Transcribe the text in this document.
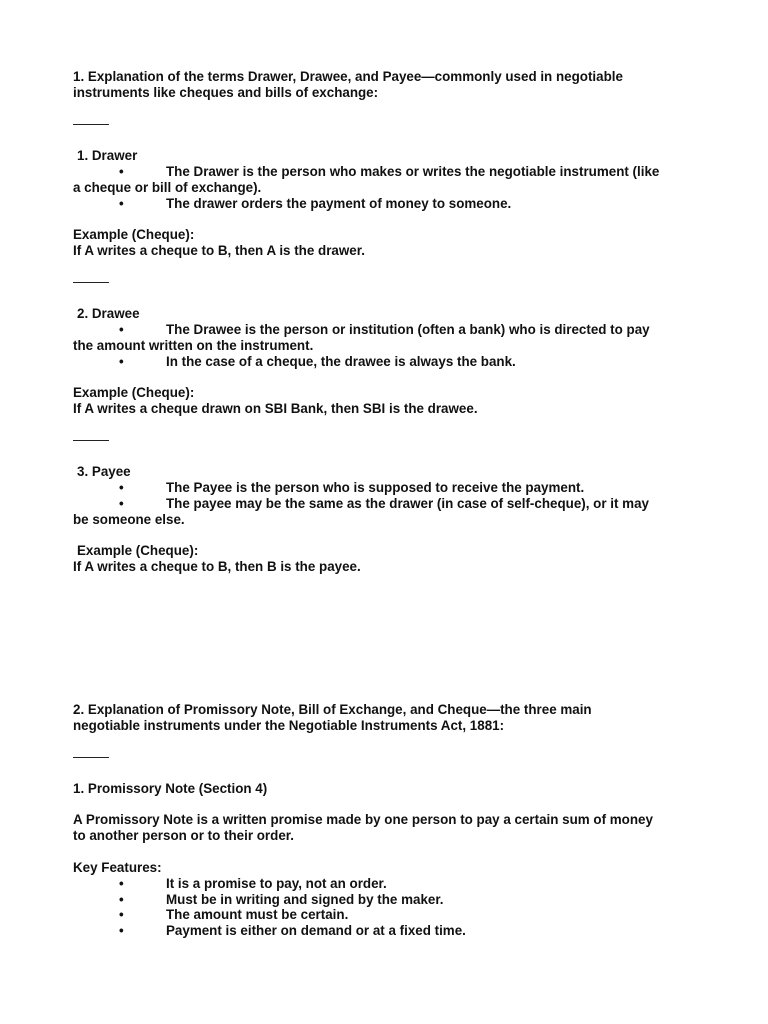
1. Explanation of the terms Drawer, Drawee, and Payee—commonly used in negotiable
instruments like cheques and bills of exchange:
1. Drawer
•	The Drawer is the person who makes or writes the negotiable instrument (like
a cheque or bill of exchange).
•	The drawer orders the payment of money to someone.
Example (Cheque):
If A writes a cheque to B, then A is the drawer.
2. Drawee
•	The Drawee is the person or institution (often a bank) who is directed to pay
the amount written on the instrument.
•	In the case of a cheque, the drawee is always the bank.
Example (Cheque):
If A writes a cheque drawn on SBI Bank, then SBI is the drawee.
3. Payee
•	The Payee is the person who is supposed to receive the payment.
•	The payee may be the same as the drawer (in case of self-cheque), or it may
be someone else.
Example (Cheque):
If A writes a cheque to B, then B is the payee.
2. Explanation of Promissory Note, Bill of Exchange, and Cheque—the three main
negotiable instruments under the Negotiable Instruments Act, 1881:
1. Promissory Note (Section 4)
A Promissory Note is a written promise made by one person to pay a certain sum of money
to another person or to their order.
Key Features:
•	It is a promise to pay, not an order.
•	Must be in writing and signed by the maker.
•	The amount must be certain.
•	Payment is either on demand or at a fixed time.
